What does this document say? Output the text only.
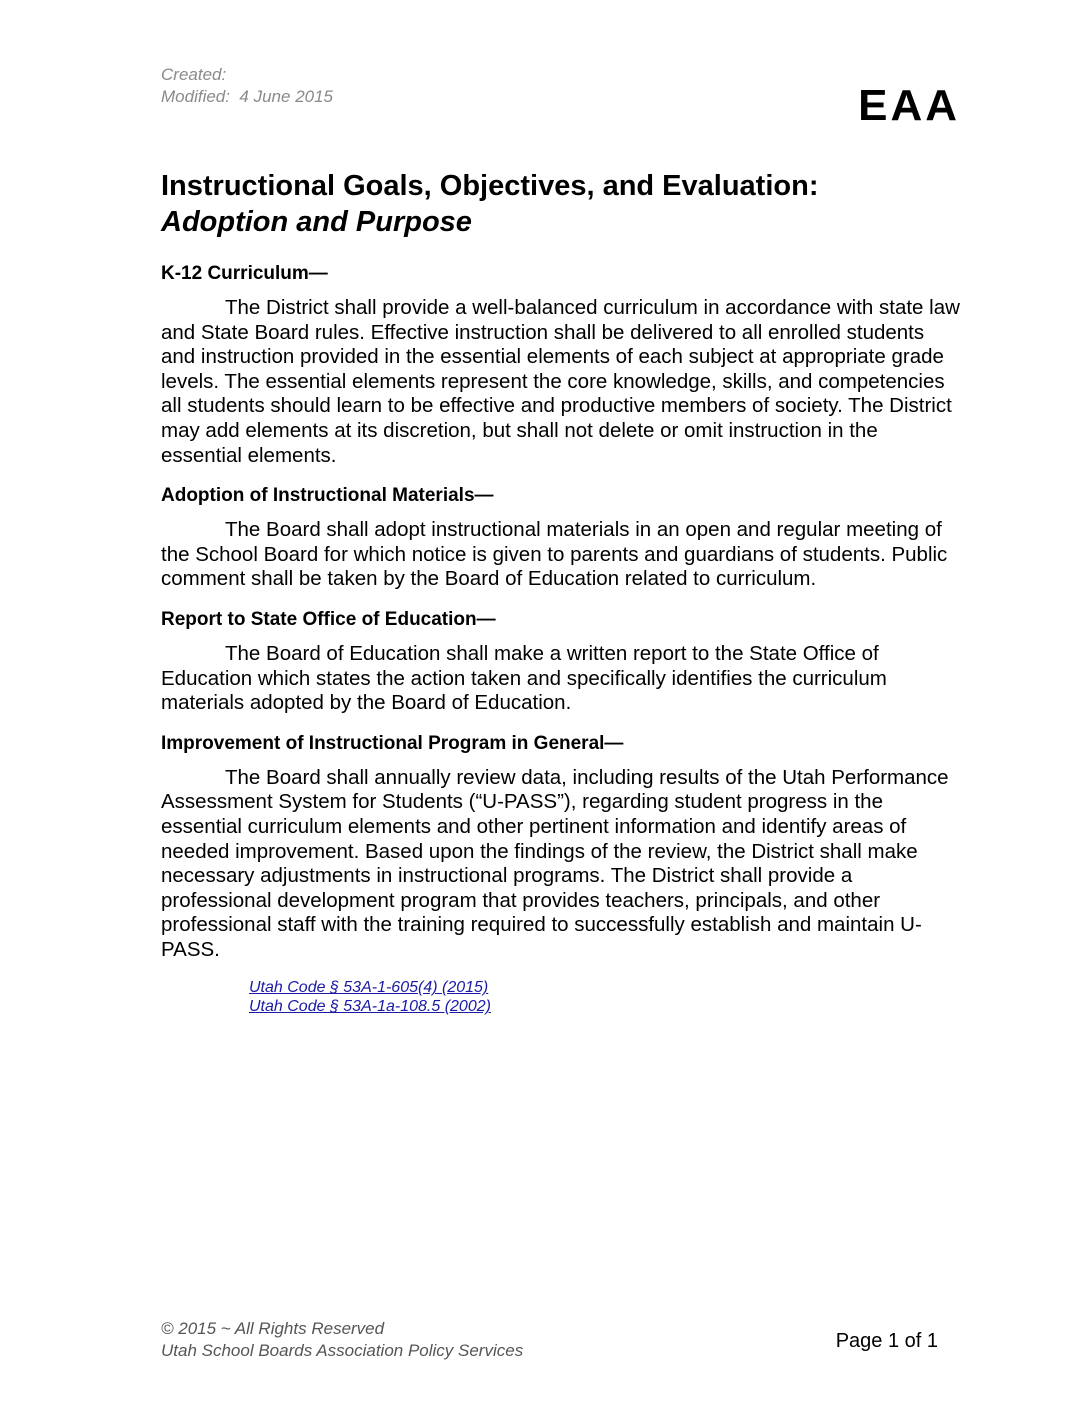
Created:
Modified:  4 June 2015	EAA
Instructional Goals, Objectives, and Evaluation:
Adoption and Purpose
K-12 Curriculum—

The District shall provide a well-balanced curriculum in accordance with state law and State Board rules. Effective instruction shall be delivered to all enrolled students and instruction provided in the essential elements of each subject at appropriate grade levels. The essential elements represent the core knowledge, skills, and competencies all students should learn to be effective and productive members of society. The District may add elements at its discretion, but shall not delete or omit instruction in the essential elements.

Adoption of Instructional Materials—

The Board shall adopt instructional materials in an open and regular meeting of the School Board for which notice is given to parents and guardians of students. Public comment shall be taken by the Board of Education related to curriculum.

Report to State Office of Education—

The Board of Education shall make a written report to the State Office of Education which states the action taken and specifically identifies the curriculum materials adopted by the Board of Education.

Improvement of Instructional Program in General—

The Board shall annually review data, including results of the Utah Performance Assessment System for Students (“U-PASS”), regarding student progress in the essential curriculum elements and other pertinent information and identify areas of needed improvement. Based upon the findings of the review, the District shall make necessary adjustments in instructional programs. The District shall provide a professional development program that provides teachers, principals, and other professional staff with the training required to successfully establish and maintain U-PASS.

Utah Code § 53A-1-605(4) (2015)
Utah Code § 53A-1a-108.5 (2002)
© 2015 ~ All Rights Reserved
Utah School Boards Association Policy Services	Page 1 of 1
